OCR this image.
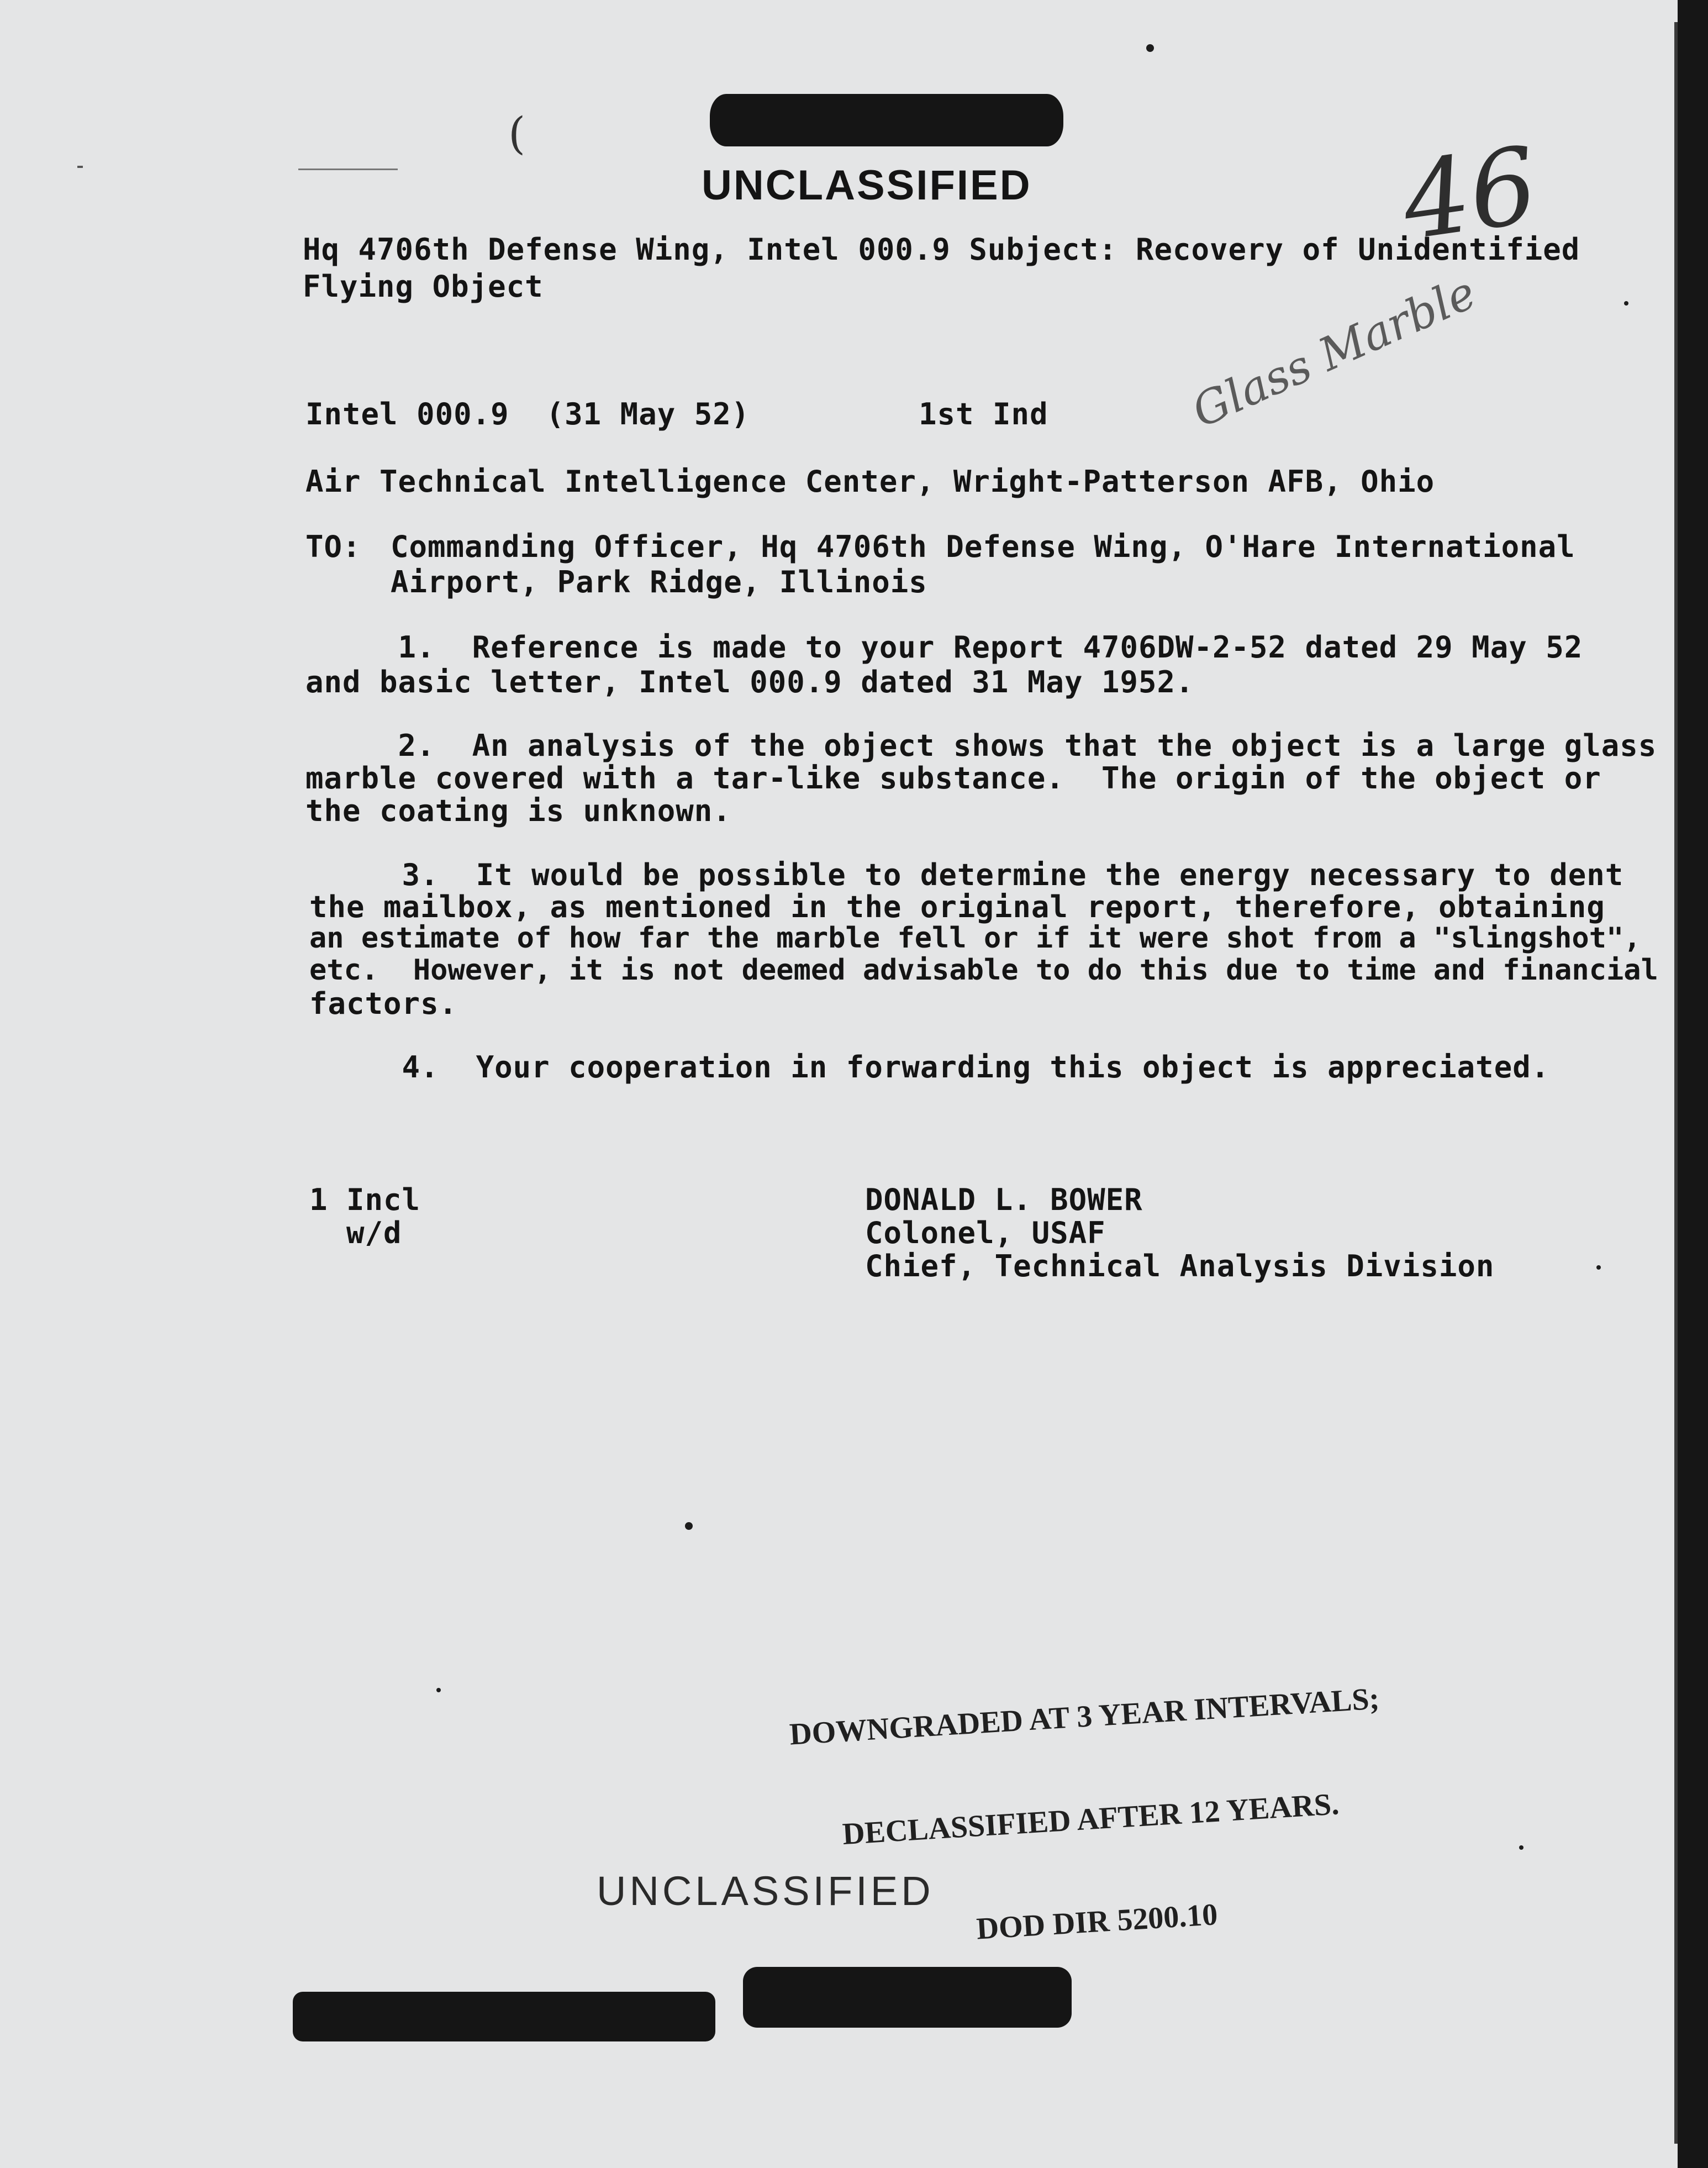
UNCLASSIFIED
(	46
Glass Marble
Hq 4706th Defense Wing, Intel 000.9 Subject: Recovery of Unidentified
Flying Object
Intel 000.9  (31 May 52)	1st Ind
Air Technical Intelligence Center, Wright-Patterson AFB, Ohio
TO: Commanding Officer, Hq 4706th Defense Wing, O'Hare International
Airport, Park Ridge, Illinois
1.  Reference is made to your Report 4706DW-2-52 dated 29 May 52
and basic letter, Intel 000.9 dated 31 May 1952.
2.  An analysis of the object shows that the object is a large glass
marble covered with a tar-like substance.  The origin of the object or
the coating is unknown.
3.  It would be possible to determine the energy necessary to dent
the mailbox, as mentioned in the original report, therefore, obtaining
an estimate of how far the marble fell or if it were shot from a "slingshot",
etc.  However, it is not deemed advisable to do this due to time and financial
factors.
4.  Your cooperation in forwarding this object is appreciated.
1 Incl
w/d
DONALD L. BOWER
Colonel, USAF
Chief, Technical Analysis Division

DOWNGRADED AT 3 YEAR INTERVALS;

DECLASSIFIED AFTER 12 YEARS.

DOD DIR 5200.10

UNCLASSIFIED
